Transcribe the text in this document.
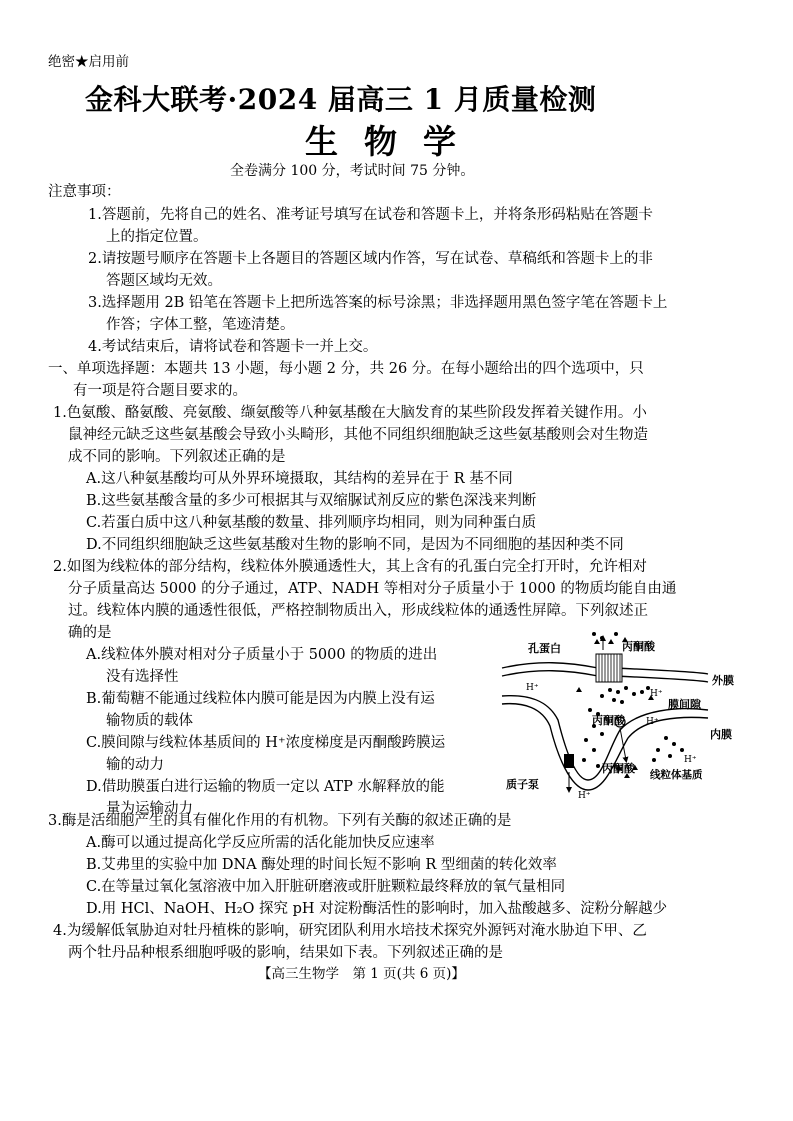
绝密★启用前
金科大联考·2024 届高三 1 月质量检测
生物学
全卷满分 100 分，考试时间 75 分钟。
注意事项：
1.答题前，先将自己的姓名、准考证号填写在试卷和答题卡上，并将条形码粘贴在答题卡
上的指定位置。
2.请按题号顺序在答题卡上各题目的答题区域内作答，写在试卷、草稿纸和答题卡上的非
答题区域均无效。
3.选择题用 2B 铅笔在答题卡上把所选答案的标号涂黑；非选择题用黑色签字笔在答题卡上
作答；字体工整，笔迹清楚。
4.考试结束后，请将试卷和答题卡一并上交。
一、单项选择题：本题共 13 小题，每小题 2 分，共 26 分。在每小题给出的四个选项中，只
有一项是符合题目要求的。
1.色氨酸、酪氨酸、亮氨酸、缬氨酸等八种氨基酸在大脑发育的某些阶段发挥着关键作用。小
鼠神经元缺乏这些氨基酸会导致小头畸形，其他不同组织细胞缺乏这些氨基酸则会对生物造
成不同的影响。下列叙述正确的是
A.这八种氨基酸均可从外界环境摄取，其结构的差异在于 R 基不同
B.这些氨基酸含量的多少可根据其与双缩脲试剂反应的紫色深浅来判断
C.若蛋白质中这八种氨基酸的数量、排列顺序均相同，则为同种蛋白质
D.不同组织细胞缺乏这些氨基酸对生物的影响不同，是因为不同细胞的基因种类不同
2.如图为线粒体的部分结构，线粒体外膜通透性大，其上含有的孔蛋白完全打开时，允许相对
分子质量高达 5000 的分子通过，ATP、NADH 等相对分子质量小于 1000 的物质均能自由通
过。线粒体内膜的通透性很低，严格控制物质出入，形成线粒体的通透性屏障。下列叙述正
确的是
A.线粒体外膜对相对分子质量小于 5000 的物质的进出
没有选择性
B.葡萄糖不能通过线粒体内膜可能是因为内膜上没有运
输物质的载体
C.膜间隙与线粒体基质间的 H⁺浓度梯度是丙酮酸跨膜运
输的动力
D.借助膜蛋白进行运输的物质一定以 ATP 水解释放的能
量为运输动力
孔蛋白	丙酮酸
外膜
膜间隙
丙酮酸
内膜
丙酮酸 线粒体基质
质子泵
H⁺
H⁺
H⁺
H⁺
H⁺
3.酶是活细胞产生的具有催化作用的有机物。下列有关酶的叙述正确的是
A.酶可以通过提高化学反应所需的活化能加快反应速率
B.艾弗里的实验中加 DNA 酶处理的时间长短不影响 R 型细菌的转化效率
C.在等量过氧化氢溶液中加入肝脏研磨液或肝脏颗粒最终释放的氧气量相同
D.用 HCl、NaOH、H₂O 探究 pH 对淀粉酶活性的影响时，加入盐酸越多、淀粉分解越少
4.为缓解低氧胁迫对牡丹植株的影响，研究团队利用水培技术探究外源钙对淹水胁迫下甲、乙
两个牡丹品种根系细胞呼吸的影响，结果如下表。下列叙述正确的是
【高三生物学　第 1 页(共 6 页)】
